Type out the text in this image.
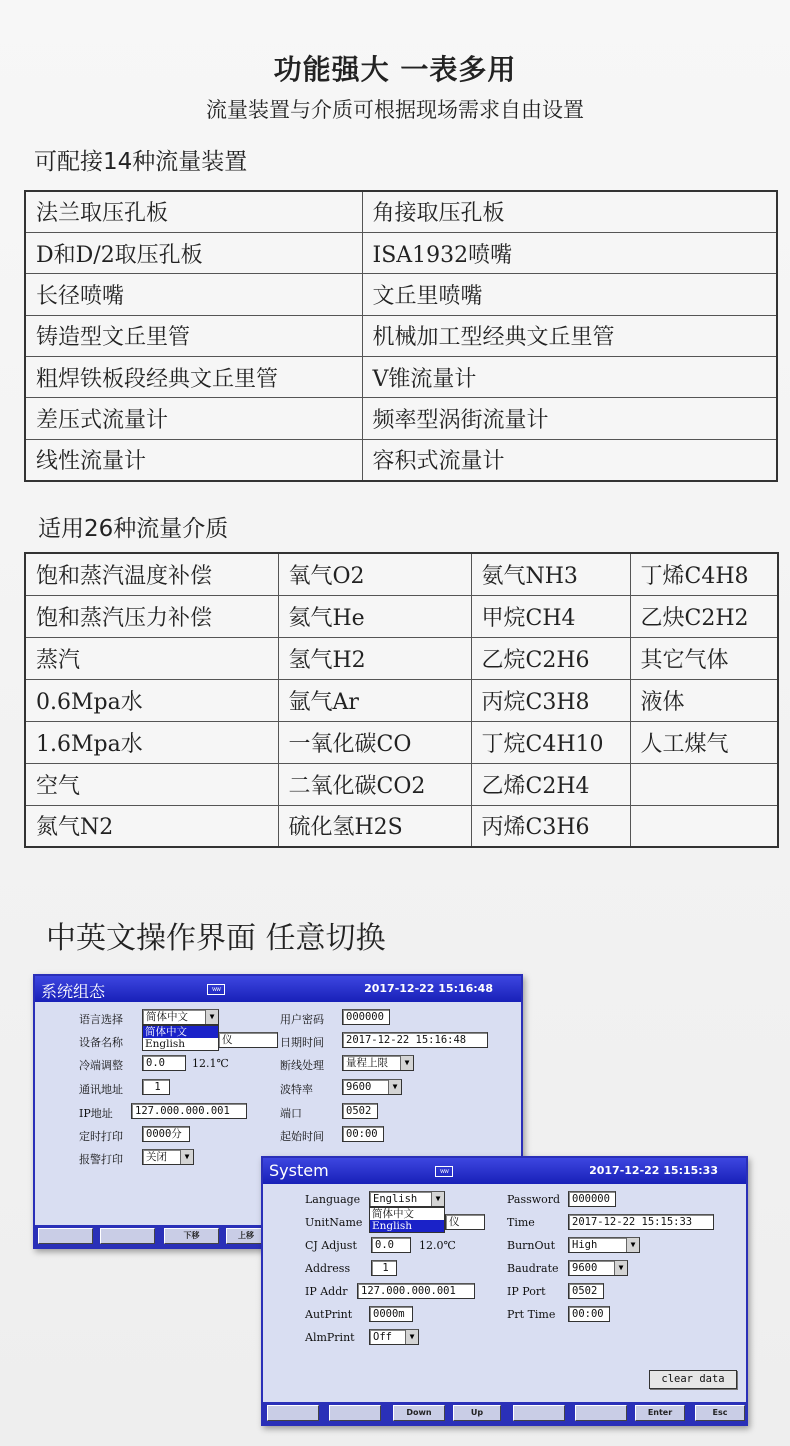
功能强大 一表多用
流量装置与介质可根据现场需求自由设置
可配接14种流量装置
法兰取压孔板	角接取压孔板
D和D/2取压孔板	ISA1932喷嘴
长径喷嘴	文丘里喷嘴
铸造型文丘里管	机械加工型经典文丘里管
粗焊铁板段经典文丘里管	V锥流量计
差压式流量计	频率型涡街流量计
线性流量计	容积式流量计
适用26种流量介质
饱和蒸汽温度补偿	氧气O2	氨气NH3	丁烯C4H8
饱和蒸汽压力补偿	氦气He	甲烷CH4	乙炔C2H2
蒸汽	氢气H2	乙烷C2H6	其它气体
0.6Mpa水	氩气Ar	丙烷C3H8	液体
1.6Mpa水	一氧化碳CO	丁烷C4H10	人工煤气
空气	二氧化碳CO2	乙烯C2H4	
氮气N2	硫化氢H2S	丙烯C3H6	
中英文操作界面 任意切换
系统组态	ww	2017-12-22 15:16:48
语言选择	简体中文	▼
简体中文
English
设备名称	仪
冷端调整	0.0	12.1℃
通讯地址	1
IP地址	127.000.000.001
定时打印	0000分
报警打印	关闭	▼
用户密码	000000
日期时间	2017-12-22 15:16:48
断线处理	量程上限	▼
波特率	9600	▼
端口	0502
起始时间	00:00
下移	上移
System	ww	2017-12-22 15:15:33
Language	English	▼
简体中文
English
UnitName	仪
CJ Adjust	0.0	12.0℃
Address	1
IP Addr	127.000.000.001
AutPrint	0000m
AlmPrint	Off	▼
Password	000000
Time	2017-12-22 15:15:33
BurnOut	High	▼
Baudrate	9600	▼
IP Port	0502
Prt Time	00:00
clear data
Down	Up	Enter	Esc
